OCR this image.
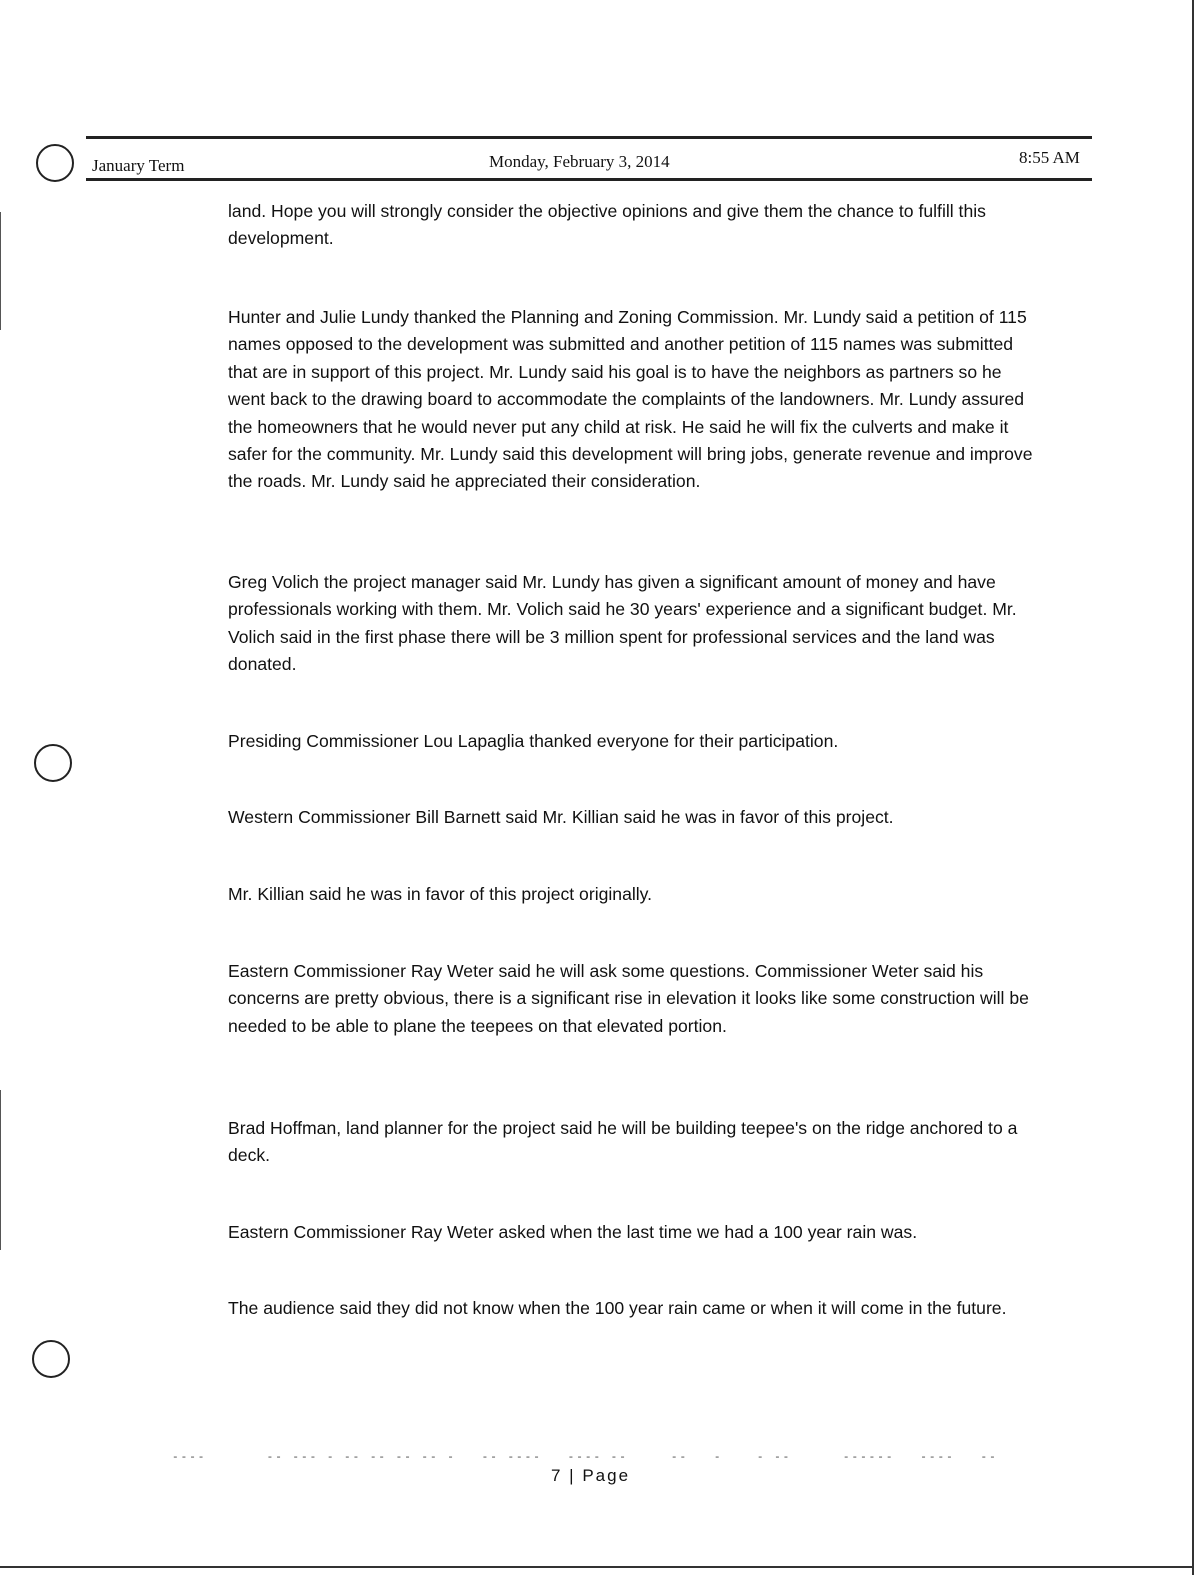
January Term	Monday, February 3, 2014	8:55 AM

land. Hope you will strongly consider the objective opinions and give them the chance to fulfill this development.

Hunter and Julie Lundy thanked the Planning and Zoning Commission. Mr. Lundy said a petition of 115 names opposed to the development was submitted and another petition of 115 names was submitted that are in support of this project. Mr. Lundy said his goal is to have the neighbors as partners so he went back to the drawing board to accommodate the complaints of the landowners. Mr. Lundy assured the homeowners that he would never put any child at risk. He said he will fix the culverts and make it safer for the community. Mr. Lundy said this development will bring jobs, generate revenue and improve the roads. Mr. Lundy said he appreciated their consideration.

Greg Volich the project manager said Mr. Lundy has given a significant amount of money and have professionals working with them. Mr. Volich said he 30 years' experience and a significant budget. Mr. Volich said in the first phase there will be 3 million spent for professional services and the land was donated.

Presiding Commissioner Lou Lapaglia thanked everyone for their participation.

Western Commissioner Bill Barnett said Mr. Killian said he was in favor of this project.

Mr. Killian said he was in favor of this project originally.

Eastern Commissioner Ray Weter said he will ask some questions. Commissioner Weter said his concerns are pretty obvious, there is a significant rise in elevation it looks like some construction will be needed to be able to plane the teepees on that elevated portion.

Brad Hoffman, land planner for the project said he will be building teepee's on the ridge anchored to a deck.

Eastern Commissioner Ray Weter asked when the last time we had a 100 year rain was.

The audience said they did not know when the 100 year rain came or when it will come in the future.

----       -- --- - -- -- -- -- -   -- ----   ---- --     --   -    - --      ------   ----   --
7 | Page
